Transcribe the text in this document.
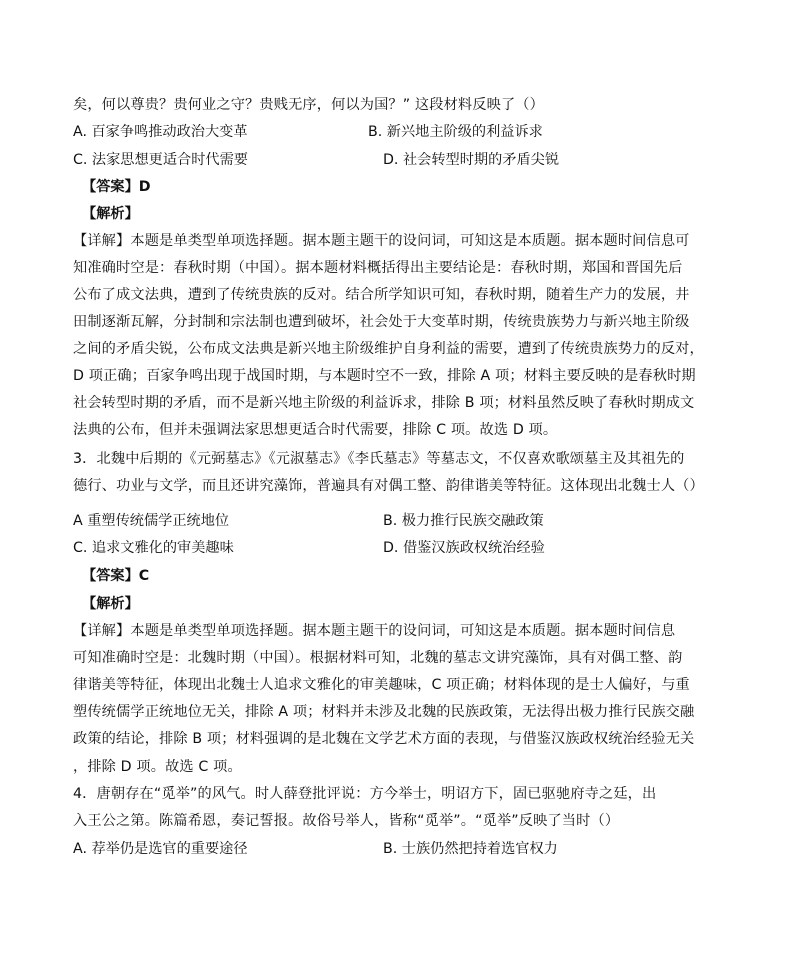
矣，何以尊贵？贵何业之守？贵贱无序，何以为国？” 这段材料反映了（）
A. 百家争鸣推动政治大变革	B. 新兴地主阶级的利益诉求
C. 法家思想更适合时代需要	D. 社会转型时期的矛盾尖锐
【答案】D
【解析】
【详解】本题是单类型单项选择题。据本题主题干的设问词，可知这是本质题。据本题时间信息可
知准确时空是：春秋时期（中国）。据本题材料概括得出主要结论是：春秋时期，郑国和晋国先后
公布了成文法典，遭到了传统贵族的反对。结合所学知识可知，春秋时期，随着生产力的发展，井
田制逐渐瓦解，分封制和宗法制也遭到破坏，社会处于大变革时期，传统贵族势力与新兴地主阶级
之间的矛盾尖锐，公布成文法典是新兴地主阶级维护自身利益的需要，遭到了传统贵族势力的反对，
D 项正确；百家争鸣出现于战国时期，与本题时空不一致，排除 A 项；材料主要反映的是春秋时期
社会转型时期的矛盾，而不是新兴地主阶级的利益诉求，排除 B 项；材料虽然反映了春秋时期成文
法典的公布，但并未强调法家思想更适合时代需要，排除 C 项。故选 D 项。
3．北魏中后期的《元弼墓志》《元淑墓志》《李氏墓志》等墓志文，不仅喜欢歌颂墓主及其祖先的
德行、功业与文学，而且还讲究藻饰，普遍具有对偶工整、韵律谐美等特征。这体现出北魏士人（）
A 重塑传统儒学正统地位	B. 极力推行民族交融政策
C. 追求文雅化的审美趣味	D. 借鉴汉族政权统治经验
【答案】C
【解析】
【详解】本题是单类型单项选择题。据本题主题干的设问词，可知这是本质题。据本题时间信息
可知准确时空是：北魏时期（中国）。根据材料可知，北魏的墓志文讲究藻饰，具有对偶工整、韵
律谐美等特征，体现出北魏士人追求文雅化的审美趣味，C 项正确；材料体现的是士人偏好，与重
塑传统儒学正统地位无关，排除 A 项；材料并未涉及北魏的民族政策，无法得出极力推行民族交融
政策的结论，排除 B 项；材料强调的是北魏在文学艺术方面的表现，与借鉴汉族政权统治经验无关
，排除 D 项。故选 C 项。
4．唐朝存在“觅举”的风气。时人薛登批评说：方今举士，明诏方下，固已驱驰府寺之廷，出
入王公之第。陈篇希恩，奏记誓报。故俗号举人，皆称“觅举”。“觅举”反映了当时（）
A. 荐举仍是选官的重要途径	B. 士族仍然把持着选官权力
